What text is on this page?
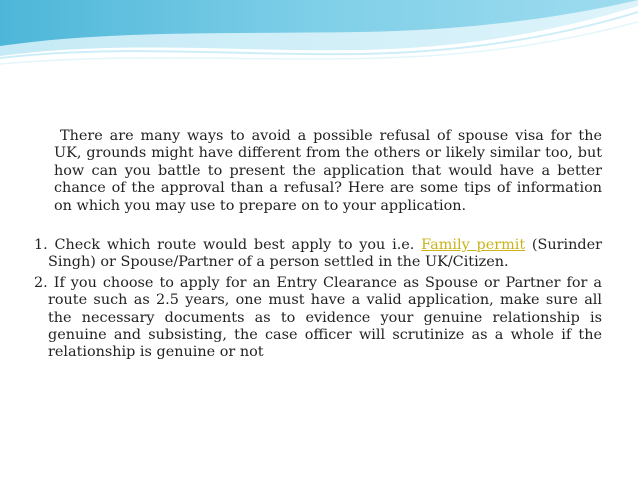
There are many ways to avoid a possible refusal of spouse visa for the UK, grounds might have different from the others or likely similar too, but how can you battle to present the application that would have a better chance of the approval than a refusal? Here are some tips of information on which you may use to prepare on to your application.

1. Check which route would best apply to you i.e. Family permit (Surinder Singh) or Spouse/Partner of a person settled in the UK/Citizen.
2. If you choose to apply for an Entry Clearance as Spouse or Partner for a route such as 2.5 years, one must have a valid application, make sure all the necessary documents as to evidence your genuine relationship is genuine and subsisting, the case officer will scrutinize as a whole if the relationship is genuine or not
